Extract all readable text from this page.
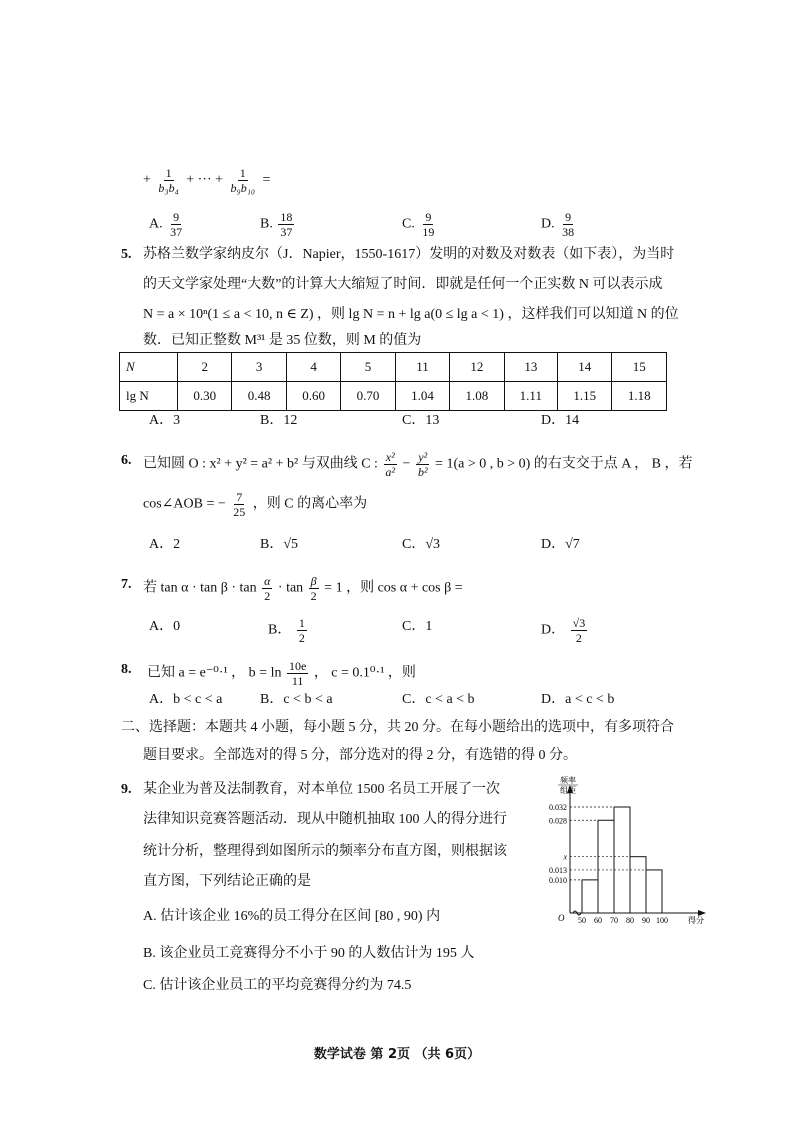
+ $\frac{1}{\text{b₃b₄}}$ + ··· + $\frac{1}{\text{b₉b₁₀}}$ =
A. $\frac{9}{37}$	B. $\frac{18}{37}$	C. $\frac{9}{19}$	D. $\frac{9}{38}$
5. 苏格兰数学家纳皮尔（J．Napier，1550-1617）发明的对数及对数表（如下表），为当时
的天文学家处理“大数”的计算大大缩短了时间．即就是任何一个正实数 N 可以表示成
N = a × 10ⁿ(1 ≤ a < 10, n ∈ Z) ，则 lg N = n + lg a(0 ≤ lg a < 1) ，这样我们可以知道 N 的位
数．已知正整数 M³¹ 是 35 位数，则 M 的值为
N	2	3	4	5	11	12	13	14	15
lg N	0.30	0.48	0.60	0.70	1.04	1.08	1.11	1.15	1.18
A．3	B．12	C．13	D．14
6. 已知圆 O : x² + y² = a² + b² 与双曲线 C : $\frac{\text{x²}}{\text{a²}} - \frac{\text{y²}}{\text{b²}} = 1(a > 0$ , b > 0) 的右支交于点 A ， B ，若
cos∠AOB = − $\frac{7}{25}$ ，则 C 的离心率为
A．2	B．√5	C．√3	D．√7
7. 若 $\tan \alpha \cdot \tan \beta \cdot \tan \frac{\alpha}{2} \cdot \tan \frac{\beta}{2} = 1$ ，则 cos α + cos β =
A．0	B． $\frac{1}{2}$	C．1	D． $\frac{√3}{2}$
8. 已知 a = e⁻⁰·¹ ， $b = \ln \frac{10e}{11}$ ， c = 0.1⁰·¹ ，则
A．b < c < a	B．c < b < a	C．c < a < b	D．a < c < b
二、选择题：本题共 4 小题，每小题 5 分，共 20 分。在每小题给出的选项中，有多项符合
题目要求。全部选对的得 5 分，部分选对的得 2 分，有选错的得 0 分。
9. 某企业为普及法制教育，对本单位 1500 名员工开展了一次
法律知识竞赛答题活动．现从中随机抽取 100 人的得分进行
统计分析，整理得到如图所示的频率分布直方图，则根据该
直方图，下列结论正确的是
A. 估计该企业 16%的员工得分在区间 [80 , 90) 内
B. 该企业员工竞赛得分不小于 90 的人数估计为 195 人
C. 估计该企业员工的平均竞赛得分约为 74.5
频率
组距
O
0.032
0.028
x
0.013
0.010
50 60 70 80 90 100	得分
数学试卷 第 2页 （共 6页）
